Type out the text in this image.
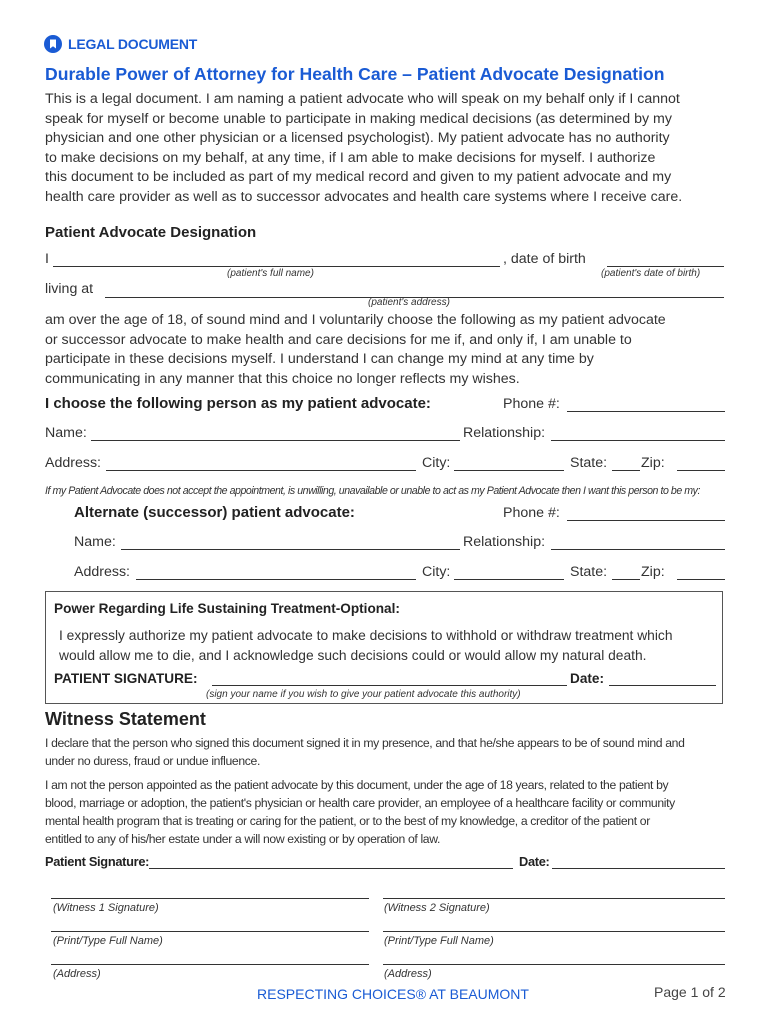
LEGAL DOCUMENT
Durable Power of Attorney for Health Care – Patient Advocate Designation
This is a legal document. I am naming a patient advocate who will speak on my behalf only if I cannot
speak for myself or become unable to participate in making medical decisions (as determined by my
physician and one other physician or a licensed psychologist). My patient advocate has no authority
to make decisions on my behalf, at any time, if I am able to make decisions for myself. I authorize
this document to be included as part of my medical record and given to my patient advocate and my
health care provider as well as to successor advocates and health care systems where I receive care.
Patient Advocate Designation
I	, date of birth
(patient's full name)	(patient's date of birth)
living at
(patient's address)
am over the age of 18, of sound mind and I voluntarily choose the following as my patient advocate
or successor advocate to make health and care decisions for me if, and only if, I am unable to
participate in these decisions myself. I understand I can change my mind at any time by
communicating in any manner that this choice no longer reflects my wishes.
I choose the following person as my patient advocate:	Phone #:
Name:	Relationship:
Address:	City:	State: Zip:
If my Patient Advocate does not accept the appointment, is unwilling, unavailable or unable to act as my Patient Advocate then I want this person to be my:
Alternate (successor) patient advocate:	Phone #:
Name:	Relationship:
Address:	City:	State: Zip:
Power Regarding Life Sustaining Treatment-Optional:
I expressly authorize my patient advocate to make decisions to withhold or withdraw treatment which
would allow me to die, and I acknowledge such decisions could or would allow my natural death.
PATIENT SIGNATURE:	Date:
(sign your name if you wish to give your patient advocate this authority)
Witness Statement
I declare that the person who signed this document signed it in my presence, and that he/she appears to be of sound mind and
under no duress, fraud or undue influence.
I am not the person appointed as the patient advocate by this document, under the age of 18 years, related to the patient by
blood, marriage or adoption, the patient's physician or health care provider, an employee of a healthcare facility or community
mental health program that is treating or caring for the patient, or to the best of my knowledge, a creditor of the patient or
entitled to any of his/her estate under a will now existing or by operation of law.
Patient Signature:	Date:
(Witness 1 Signature)	(Witness 2 Signature)
(Print/Type Full Name)	(Print/Type Full Name)
(Address)	(Address)
RESPECTING CHOICES® AT BEAUMONT	Page 1 of 2
